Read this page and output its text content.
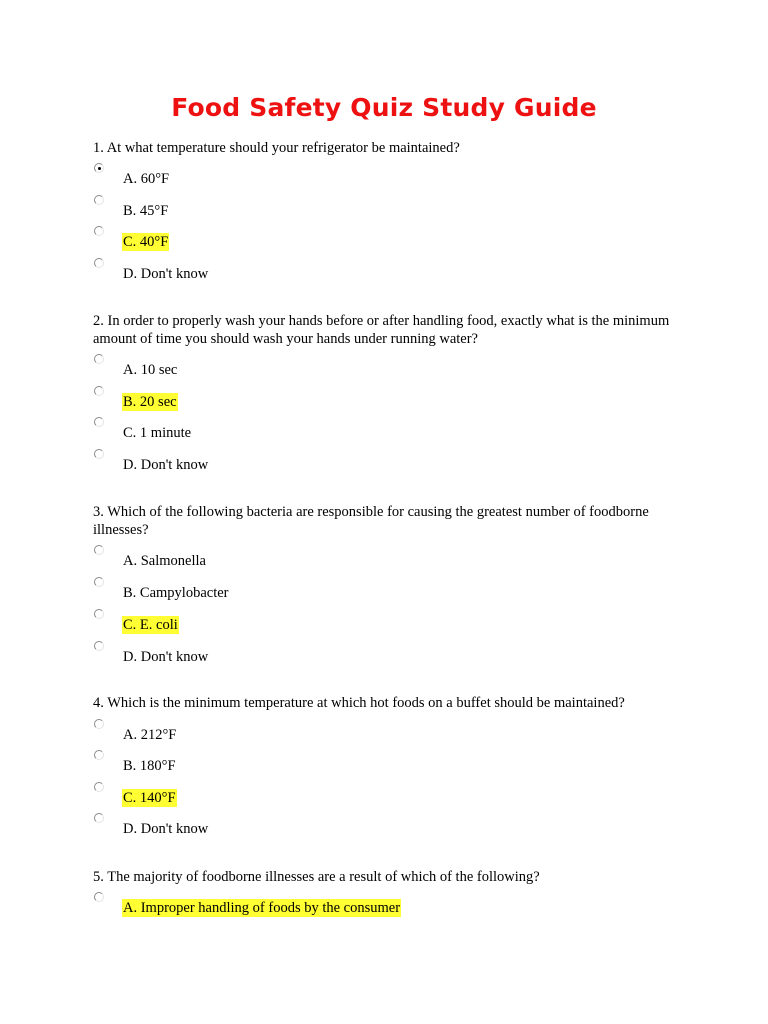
Food Safety Quiz Study Guide
1. At what temperature should your refrigerator be maintained?
A. 60°F
B. 45°F
C. 40°F
D. Don't know
2. In order to properly wash your hands before or after handling food, exactly what is the minimum amount of time you should wash your hands under running water?
A. 10 sec
B. 20 sec
C. 1 minute
D. Don't know
3. Which of the following bacteria are responsible for causing the greatest number of foodborne illnesses?
A. Salmonella
B. Campylobacter
C. E. coli
D. Don't know
4. Which is the minimum temperature at which hot foods on a buffet should be maintained?
A. 212°F
B. 180°F
C. 140°F
D. Don't know
5. The majority of foodborne illnesses are a result of which of the following?
A. Improper handling of foods by the consumer
